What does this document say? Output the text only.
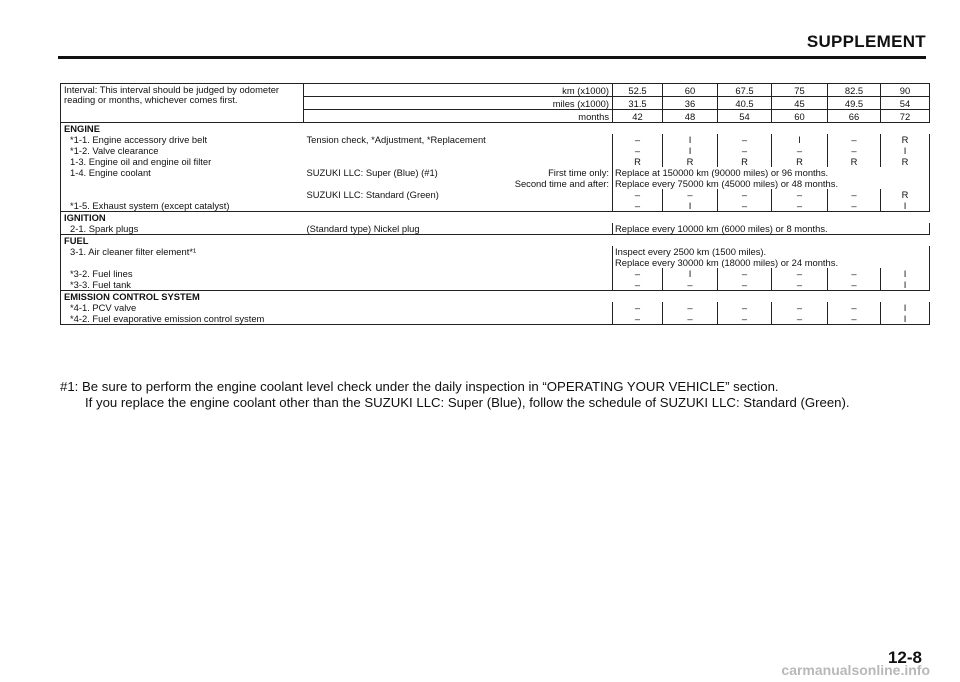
SUPPLEMENT
Interval: This interval should be judged by odometer reading or months, whichever comes first.	km (x1000)		52.5	60	67.5	75	82.5	90
	miles (x1000)		31.5	36	40.5	45	49.5	54
	months		42	48	54	60	66	72
ENGINE								
*1-1. Engine accessory drive belt	Tension check, *Adjustment, *Replacement		–	I	–	I	–	R
*1-2. Valve clearance			–	I	–	–	–	I
1-3. Engine oil and engine oil filter			R	R	R	R	R	R
1-4. Engine coolant	SUZUKI LLC: Super (Blue) (#1)	First time only:	Replace at 150000 km (90000 miles) or 96 months.					
		Second time and after:	Replace every 75000 km (45000 miles) or 48 months.					
	SUZUKI LLC: Standard (Green)		–	–	–	–	–	R
*1-5. Exhaust system (except catalyst)			–	I	–	–	–	I
IGNITION								
2-1. Spark plugs	(Standard type) Nickel plug		Replace every 10000 km (6000 miles) or 8 months.					
FUEL								
3-1. Air cleaner filter element*¹			Inspect every 2500 km (1500 miles).					
			Replace every 30000 km (18000 miles) or 24 months.					
*3-2. Fuel lines			–	I	–	–	–	I
*3-3. Fuel tank			–	–	–	–	–	I
EMISSION CONTROL SYSTEM								
*4-1. PCV valve			–	–	–	–	–	I
*4-2. Fuel evaporative emission control system			–	–	–	–	–	I
#1: Be sure to perform the engine coolant level check under the daily inspection in “OPERATING YOUR VEHICLE” section.
If you replace the engine coolant other than the SUZUKI LLC: Super (Blue), follow the schedule of SUZUKI LLC: Standard (Green).
12-8
carmanualsonline.info
